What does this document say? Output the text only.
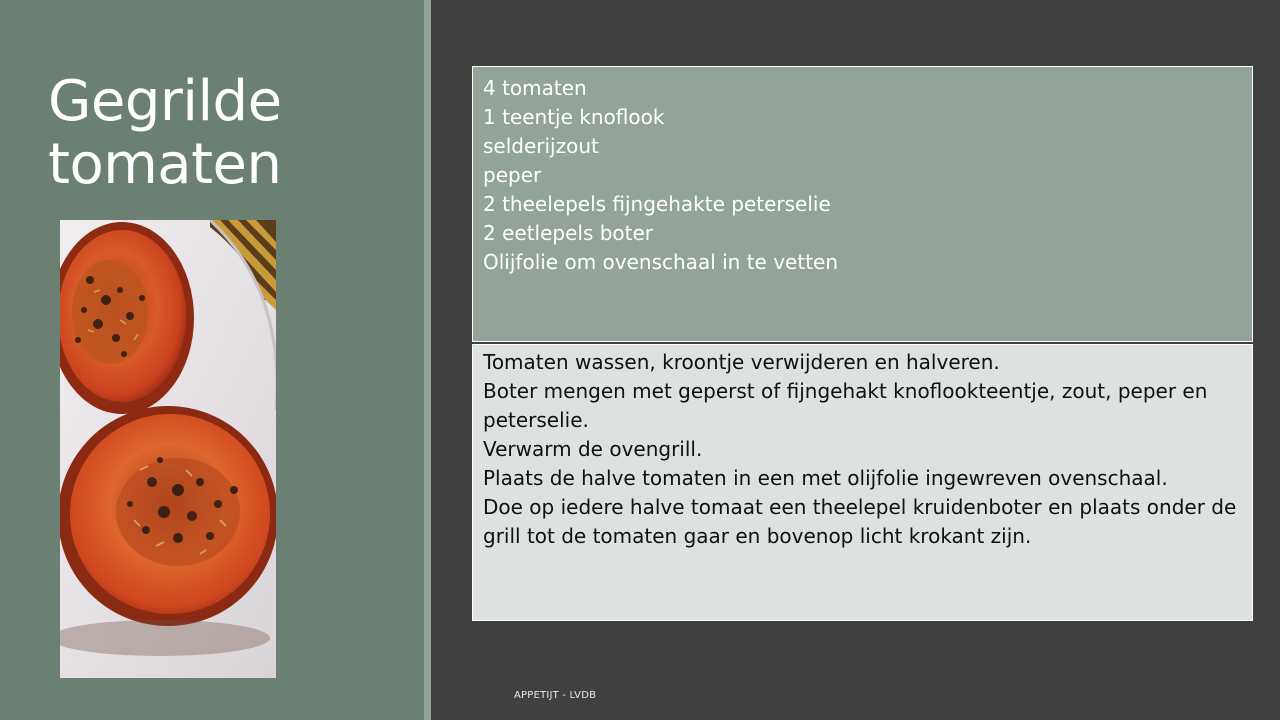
Gegrilde
tomaten
4 tomaten
1 teentje knoflook
selderijzout
peper
2 theelepels fijngehakte peterselie
2 eetlepels boter
Olijfolie om ovenschaal in te vetten
Tomaten wassen, kroontje verwijderen en halveren.
Boter mengen met geperst of fijngehakt knoflookteentje, zout, peper en peterselie.
Verwarm de ovengrill.
Plaats de halve tomaten in een met olijfolie ingewreven ovenschaal.
Doe op iedere halve tomaat een theelepel kruidenboter en plaats onder de grill tot de tomaten gaar en bovenop licht krokant zijn.
APPETIJT - LVDB
